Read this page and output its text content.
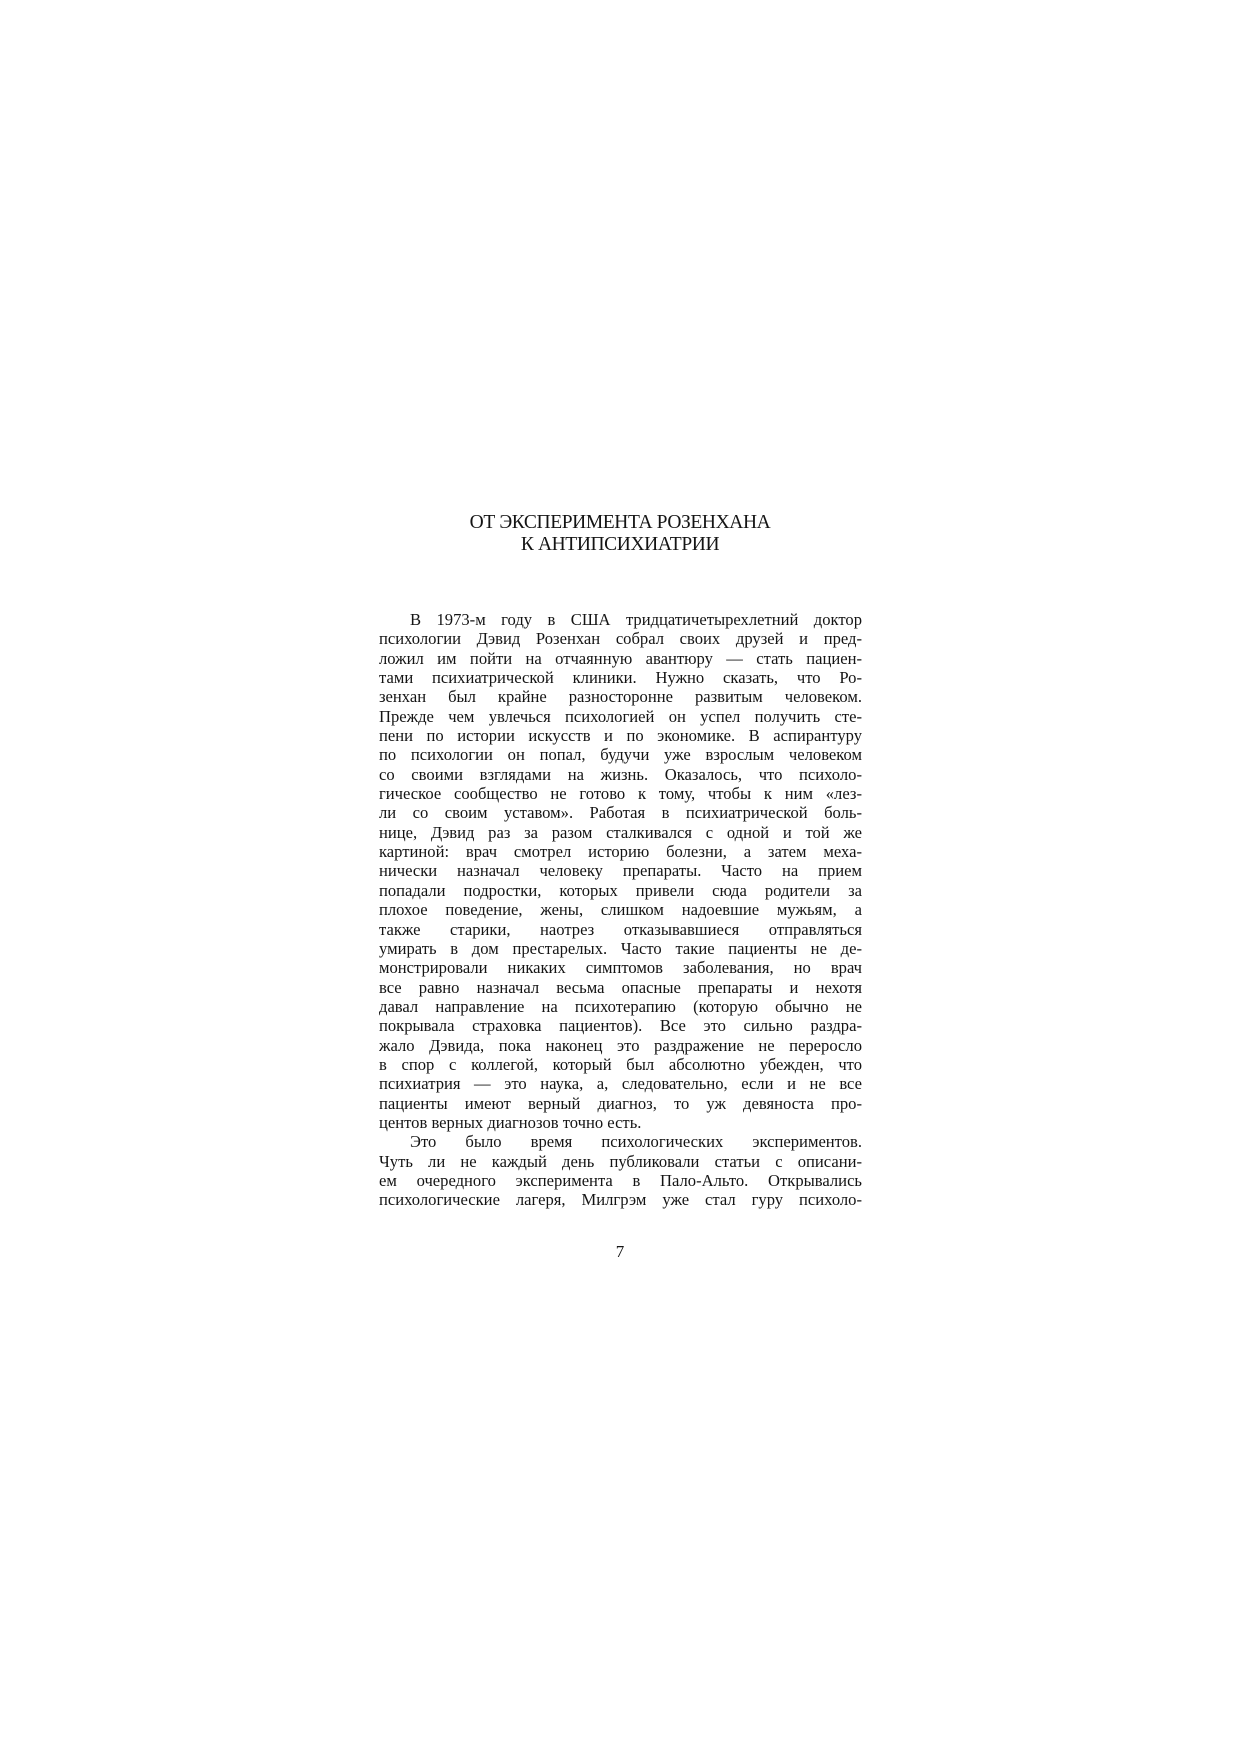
ОТ ЭКСПЕРИМЕНТА РОЗЕНХАНА
К АНТИПСИХИАТРИИ
В 1973-м году в США тридцатичетырехлетний доктор
психологии Дэвид Розенхан собрал своих друзей и пред-
ложил им пойти на отчаянную авантюру — стать пациен-
тами психиатрической клиники. Нужно сказать, что Ро-
зенхан был крайне разносторонне развитым человеком.
Прежде чем увлечься психологией он успел получить сте-
пени по истории искусств и по экономике. В аспирантуру
по психологии он попал, будучи уже взрослым человеком
со своими взглядами на жизнь. Оказалось, что психоло-
гическое сообщество не готово к тому, чтобы к ним «лез-
ли со своим уставом». Работая в психиатрической боль-
нице, Дэвид раз за разом сталкивался с одной и той же
картиной: врач смотрел историю болезни, а затем меха-
нически назначал человеку препараты. Часто на прием
попадали подростки, которых привели сюда родители за
плохое поведение, жены, слишком надоевшие мужьям, а
также старики, наотрез отказывавшиеся отправляться
умирать в дом престарелых. Часто такие пациенты не де-
монстрировали никаких симптомов заболевания, но врач
все равно назначал весьма опасные препараты и нехотя
давал направление на психотерапию (которую обычно не
покрывала страховка пациентов). Все это сильно раздра-
жало Дэвида, пока наконец это раздражение не переросло
в спор с коллегой, который был абсолютно убежден, что
психиатрия — это наука, а, следовательно, если и не все
пациенты имеют верный диагноз, то уж девяноста про-
центов верных диагнозов точно есть.
Это было время психологических экспериментов.
Чуть ли не каждый день публиковали статьи с описани-
ем очередного эксперимента в Пало-Альто. Открывались
психологические лагеря, Милгрэм уже стал гуру психоло-
7
